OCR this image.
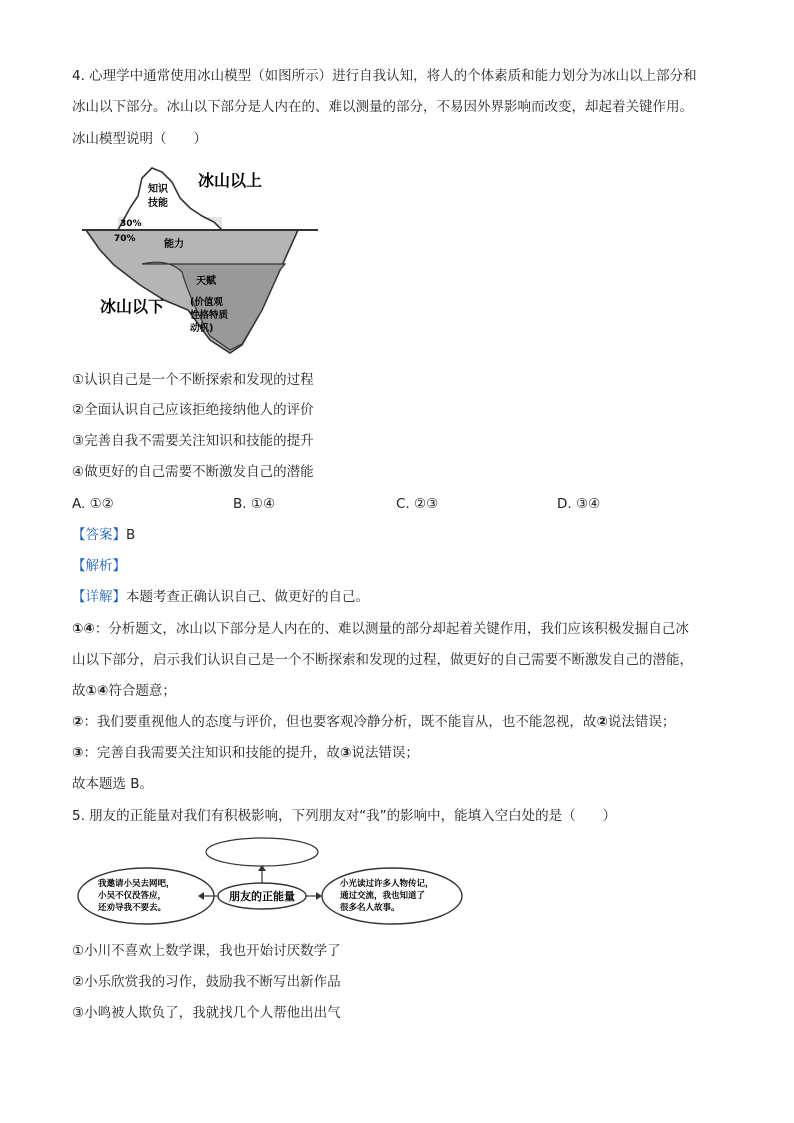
4. 心理学中通常使用冰山模型（如图所示）进行自我认知，将人的个体素质和能力划分为冰山以上部分和
冰山以下部分。冰山以下部分是人内在的、难以测量的部分，不易因外界影响而改变，却起着关键作用。
冰山模型说明（　　）
知识
技能
30%
70%	能力
天赋
(价值观
性格特质
动机)
冰山以上
冰山以下
①认识自己是一个不断探索和发现的过程
②全面认识自己应该拒绝接纳他人的评价
③完善自我不需要关注知识和技能的提升
④做更好的自己需要不断激发自己的潜能
A. ①②	B. ①④	C. ②③	D. ③④
【答案】B
【解析】
【详解】本题考查正确认识自己、做更好的自己。
①④：分析题文，冰山以下部分是人内在的、难以测量的部分却起着关键作用，我们应该积极发掘自己冰
山以下部分，启示我们认识自己是一个不断探索和发现的过程，做更好的自己需要不断激发自己的潜能，
故①④符合题意；
②：我们要重视他人的态度与评价，但也要客观冷静分析，既不能盲从，也不能忽视，故②说法错误；
③：完善自我需要关注知识和技能的提升，故③说法错误；
故本题选 B。
5. 朋友的正能量对我们有积极影响，下列朋友对“我”的影响中，能填入空白处的是（　　）
朋友的正能量
我邀请小吴去网吧，
小吴不仅没答应，
还劝导我不要去。
小光读过许多人物传记，
通过交流，我也知道了
很多名人故事。
①小川不喜欢上数学课，我也开始讨厌数学了
②小乐欣赏我的习作，鼓励我不断写出新作品
③小鸣被人欺负了，我就找几个人帮他出出气
